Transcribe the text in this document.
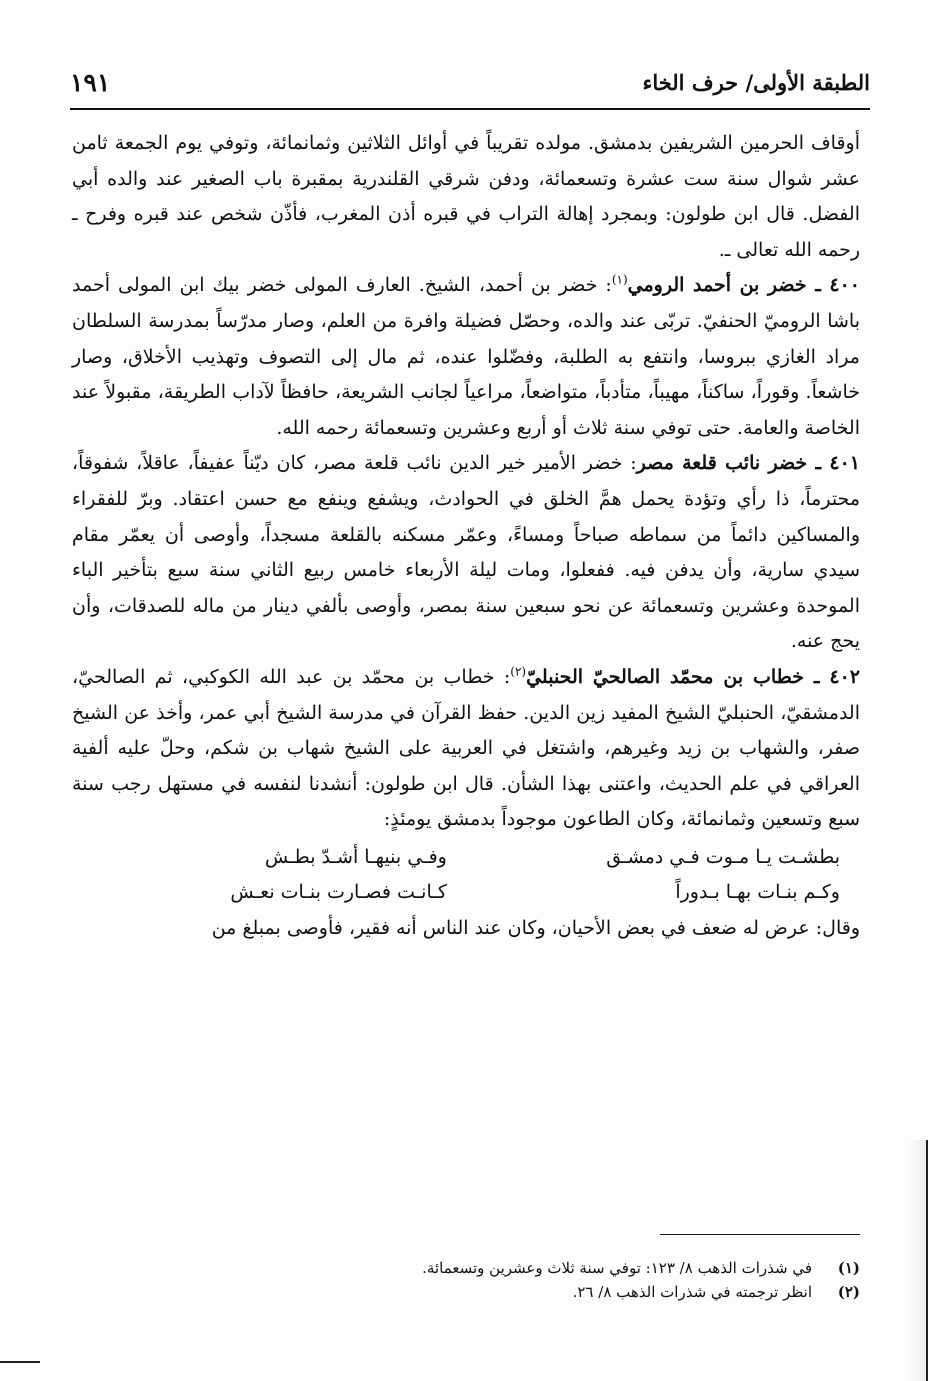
الطبقة الأولى/ حرف الخاء
١٩١

أوقاف الحرمين الشريفين بدمشق. مولده تقريباً في أوائل الثلاثين وثمانمائة، وتوفي يوم الجمعة ثامن عشر شوال سنة ست عشرة وتسعمائة، ودفن شرقي القلندرية بمقبرة باب الصغير عند والده أبي الفضل. قال ابن طولون: وبمجرد إهالة التراب في قبره أذن المغرب، فأذّن شخص عند قبره وفرح ـ رحمه الله تعالى ـ.

٤٠٠ ـ خضر بن أحمد الرومي$^{(١)}$: خضر بن أحمد، الشيخ. العارف المولى خضر بيك ابن المولى أحمد باشا الروميّ الحنفيّ. تربّى عند والده، وحصّل فضيلة وافرة من العلم، وصار مدرّساً بمدرسة السلطان مراد الغازي ببروسا، وانتفع به الطلبة، وفضّلوا عنده، ثم مال إلى التصوف وتهذيب الأخلاق، وصار خاشعاً. وقوراً، ساكناً، مهيباً، متأدباً، متواضعاً، مراعياً لجانب الشريعة، حافظاً لآداب الطريقة، مقبولاً عند الخاصة والعامة. حتى توفي سنة ثلاث أو أربع وعشرين وتسعمائة رحمه الله.

٤٠١ ـ خضر نائب قلعة مصر: خضر الأمير خير الدين نائب قلعة مصر، كان ديّناً عفيفاً، عاقلاً، شفوقاً، محترماً، ذا رأي وتؤدة يحمل همَّ الخلق في الحوادث، ويشفع وينفع مع حسن اعتقاد. وبرّ للفقراء والمساكين دائماً من سماطه صباحاً ومساءً، وعمّر مسكنه بالقلعة مسجداً، وأوصى أن يعمّر مقام سيدي سارية، وأن يدفن فيه. ففعلوا، ومات ليلة الأربعاء خامس ربيع الثاني سنة سبع بتأخير الباء الموحدة وعشرين وتسعمائة عن نحو سبعين سنة بمصر، وأوصى بألفي دينار من ماله للصدقات، وأن يحج عنه.

٤٠٢ ـ خطاب بن محمّد الصالحيّ الحنبليّ$^{(٢)}$: خطاب بن محمّد بن عبد الله الكوكبي، ثم الصالحيّ، الدمشقيّ، الحنبليّ الشيخ المفيد زين الدين. حفظ القرآن في مدرسة الشيخ أبي عمر، وأخذ عن الشيخ صفر، والشهاب بن زيد وغيرهم، واشتغل في العربية على الشيخ شهاب بن شكم، وحلّ عليه ألفية العراقي في علم الحديث، واعتنى بهذا الشأن. قال ابن طولون: أنشدنا لنفسه في مستهل رجب سنة سبع وتسعين وثمانمائة، وكان الطاعون موجوداً بدمشق يومئذٍ:

بطشـت يـا مـوت فـي دمشـق
وفـي بنيهـا أشـدّ بطـش
وكـم بنـات بهـا بـدوراً
كـانـت فصـارت بنـات نعـش

وقال: عرض له ضعف في بعض الأحيان، وكان عند الناس أنه فقير، فأوصى بمبلغ من

(١)
في شذرات الذهب ٨/ ١٢٣: توفي سنة ثلاث وعشرين وتسعمائة.
(٢)
انظر ترجمته في شذرات الذهب ٨/ ٢٦.
